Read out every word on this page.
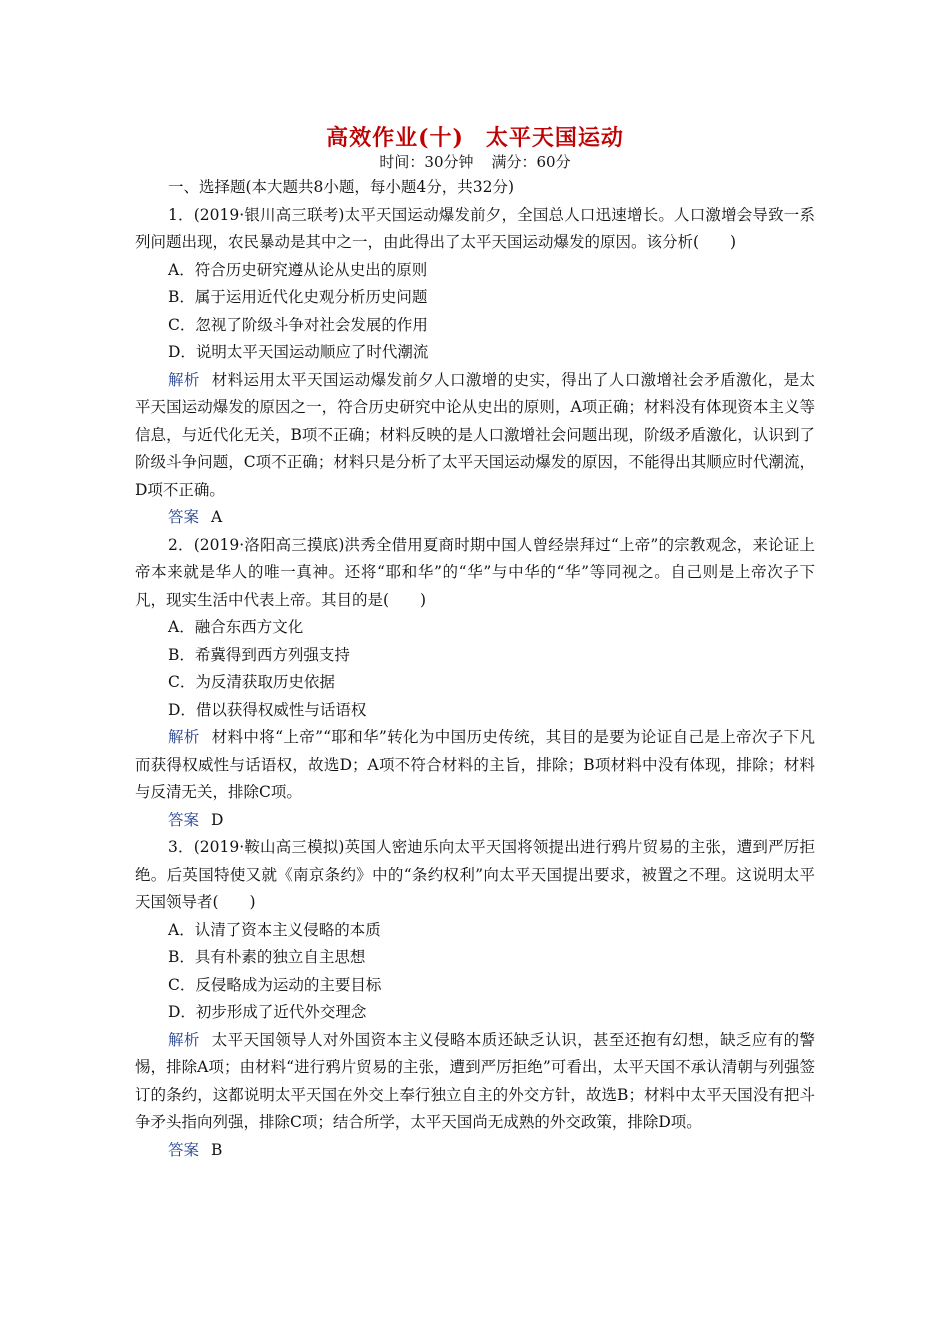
高效作业(十) 太平天国运动
时间：30分钟 满分：60分
一、选择题(本大题共8小题，每小题4分，共32分)
1．(2019·银川高三联考)太平天国运动爆发前夕，全国总人口迅速增长。人口激增会导致一系列问题出现，农民暴动是其中之一，由此得出了太平天国运动爆发的原因。该分析(　　)
A．符合历史研究遵从论从史出的原则
B．属于运用近代化史观分析历史问题
C．忽视了阶级斗争对社会发展的作用
D．说明太平天国运动顺应了时代潮流
解析 材料运用太平天国运动爆发前夕人口激增的史实，得出了人口激增社会矛盾激化，是太平天国运动爆发的原因之一，符合历史研究中论从史出的原则，A项正确；材料没有体现资本主义等信息，与近代化无关，B项不正确；材料反映的是人口激增社会问题出现，阶级矛盾激化，认识到了阶级斗争问题，C项不正确；材料只是分析了太平天国运动爆发的原因，不能得出其顺应时代潮流，D项不正确。
答案 A
2．(2019·洛阳高三摸底)洪秀全借用夏商时期中国人曾经崇拜过“上帝”的宗教观念，来论证上帝本来就是华人的唯一真神。还将“耶和华”的“华”与中华的“华”等同视之。自己则是上帝次子下凡，现实生活中代表上帝。其目的是(　　)
A．融合东西方文化
B．希冀得到西方列强支持
C．为反清获取历史依据
D．借以获得权威性与话语权
解析 材料中将“上帝”“耶和华”转化为中国历史传统，其目的是要为论证自己是上帝次子下凡而获得权威性与话语权，故选D；A项不符合材料的主旨，排除；B项材料中没有体现，排除；材料与反清无关，排除C项。
答案 D
3．(2019·鞍山高三模拟)英国人密迪乐向太平天国将领提出进行鸦片贸易的主张，遭到严厉拒绝。后英国特使又就《南京条约》中的“条约权利”向太平天国提出要求，被置之不理。这说明太平天国领导者(　　)
A．认清了资本主义侵略的本质
B．具有朴素的独立自主思想
C．反侵略成为运动的主要目标
D．初步形成了近代外交理念
解析 太平天国领导人对外国资本主义侵略本质还缺乏认识，甚至还抱有幻想，缺乏应有的警惕，排除A项；由材料“进行鸦片贸易的主张，遭到严厉拒绝”可看出，太平天国不承认清朝与列强签订的条约，这都说明太平天国在外交上奉行独立自主的外交方针，故选B；材料中太平天国没有把斗争矛头指向列强，排除C项；结合所学，太平天国尚无成熟的外交政策，排除D项。
答案 B
